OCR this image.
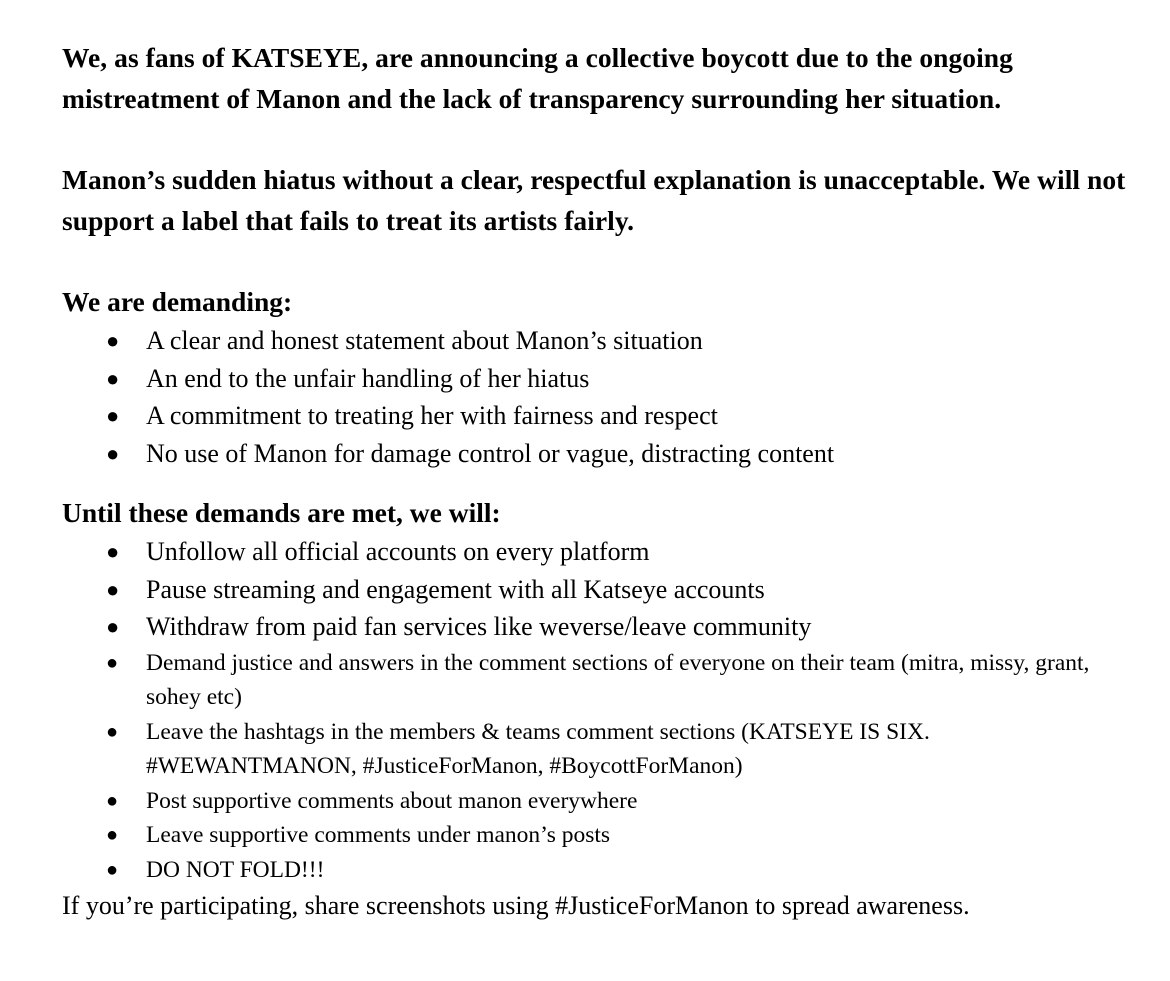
We, as fans of KATSEYE, are announcing a collective boycott due to the ongoing mistreatment of Manon and the lack of transparency surrounding her situation.

Manon’s sudden hiatus without a clear, respectful explanation is unacceptable. We will not support a label that fails to treat its artists fairly.

We are demanding:

● A clear and honest statement about Manon’s situation
● An end to the unfair handling of her hiatus
● A commitment to treating her with fairness and respect
● No use of Manon for damage control or vague, distracting content

Until these demands are met, we will:

● Unfollow all official accounts on every platform
● Pause streaming and engagement with all Katseye accounts
● Withdraw from paid fan services like weverse/leave community
● Demand justice and answers in the comment sections of everyone on their team (mitra, missy, grant, sohey etc)
● Leave the hashtags in the members & teams comment sections (KATSEYE IS SIX. #WEWANTMANON, #JusticeForManon, #BoycottForManon)
● Post supportive comments about manon everywhere
● Leave supportive comments under manon’s posts
● DO NOT FOLD!!!

If you’re participating, share screenshots using #JusticeForManon to spread awareness.
